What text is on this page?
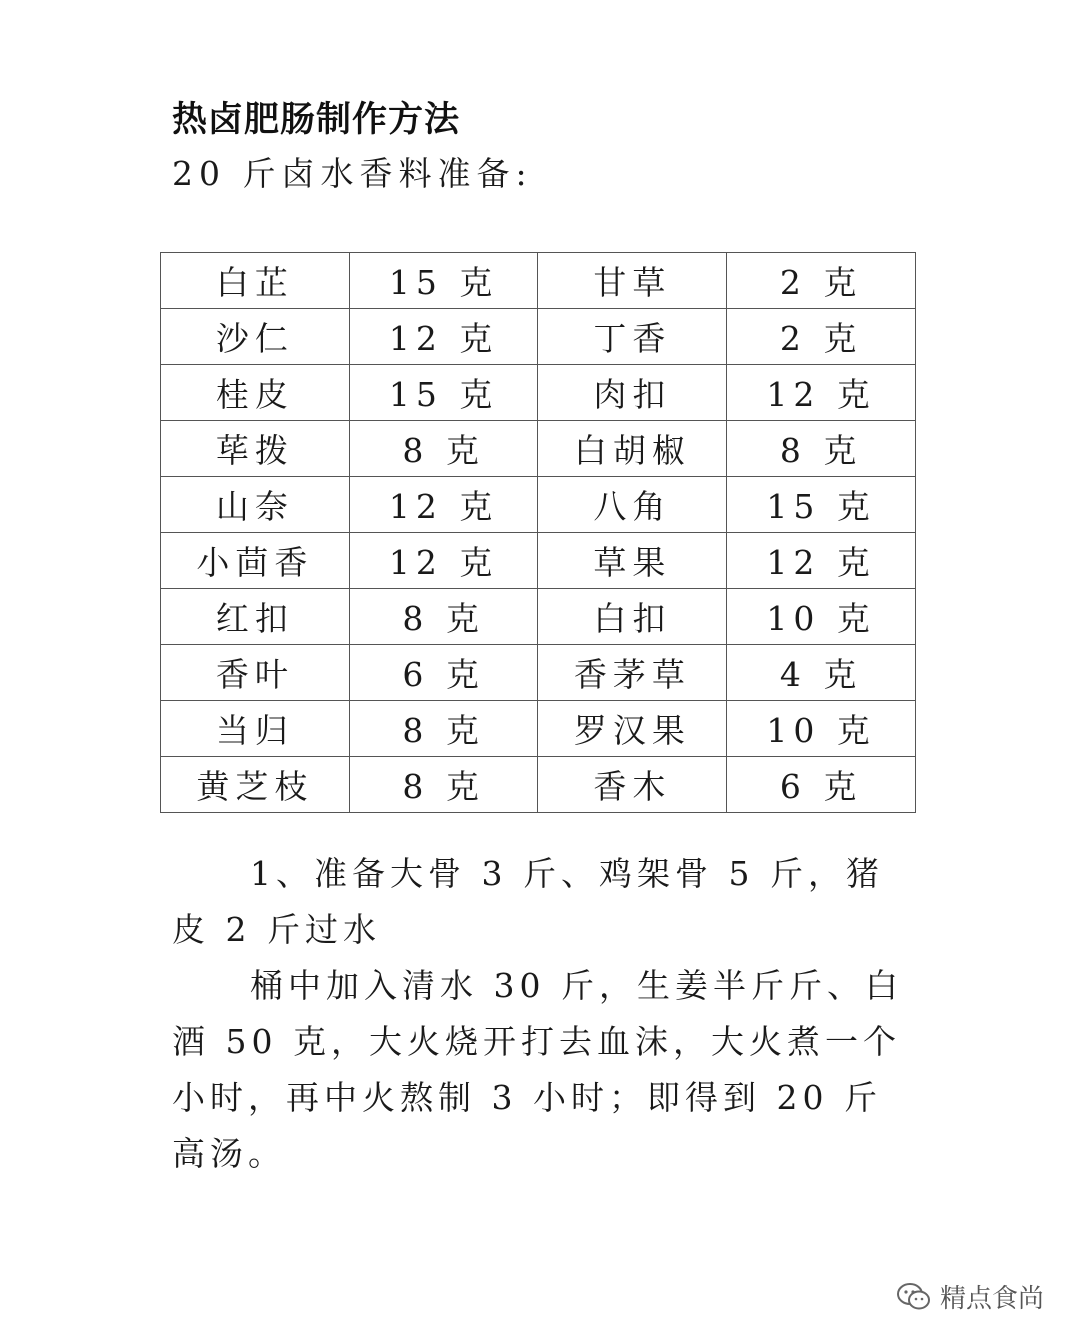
热卤肥肠制作方法
20 斤卤水香料准备:
白芷	15 克	甘草	2 克
沙仁	12 克	丁香	2 克
桂皮	15 克	肉扣	12 克
荜拨	8 克	白胡椒	8 克
山奈	12 克	八角	15 克
小茴香	12 克	草果	12 克
红扣	8 克	白扣	10 克
香叶	6 克	香茅草	4 克
当归	8 克	罗汉果	10 克
黄芝枝	8 克	香木	6 克

1、准备大骨 3 斤、鸡架骨 5 斤，猪皮 2 斤过水

桶中加入清水 30 斤，生姜半斤斤、白酒 50 克，大火烧开打去血沫，大火煮一个小时，再中火熬制 3 小时；即得到 20 斤高汤。

精点食尚
